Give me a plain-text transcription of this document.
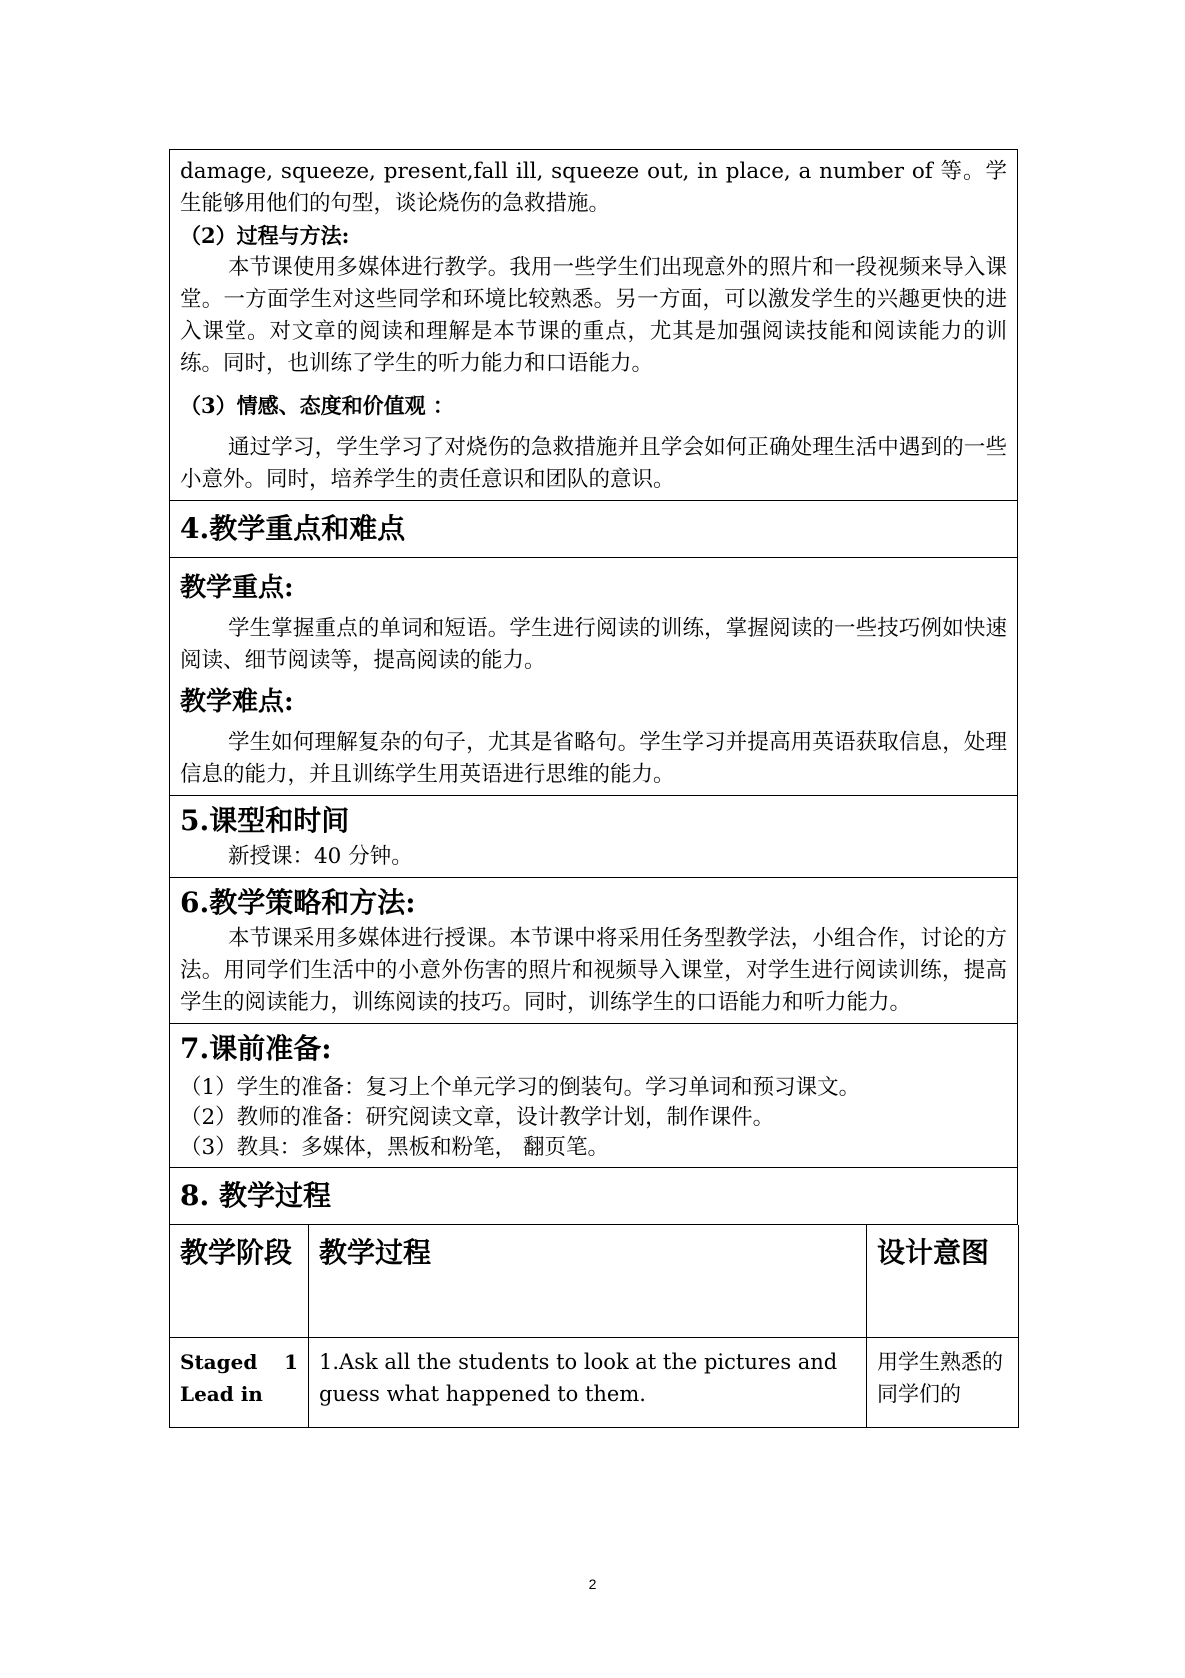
damage, squeeze, present,fall ill, squeeze out, in place, a number of 等。学生能够用他们的句型，谈论烧伤的急救措施。

（2）过程与方法:

本节课使用多媒体进行教学。我用一些学生们出现意外的照片和一段视频来导入课堂。一方面学生对这些同学和环境比较熟悉。另一方面，可以激发学生的兴趣更快的进入课堂。对文章的阅读和理解是本节课的重点，尤其是加强阅读技能和阅读能力的训练。同时，也训练了学生的听力能力和口语能力。

（3）情感、态度和价值观 ：

通过学习，学生学习了对烧伤的急救措施并且学会如何正确处理生活中遇到的一些小意外。同时，培养学生的责任意识和团队的意识。

4.教学重点和难点
教学重点:

学生掌握重点的单词和短语。学生进行阅读的训练，掌握阅读的一些技巧例如快速阅读、细节阅读等，提高阅读的能力。

教学难点:

学生如何理解复杂的句子，尤其是省略句。学生学习并提高用英语获取信息，处理信息的能力，并且训练学生用英语进行思维的能力。

5.课型和时间

新授课：40 分钟。

6.教学策略和方法:

本节课采用多媒体进行授课。本节课中将采用任务型教学法，小组合作，讨论的方法。用同学们生活中的小意外伤害的照片和视频导入课堂，对学生进行阅读训练，提高学生的阅读能力，训练阅读的技巧。同时，训练学生的口语能力和听力能力。

7.课前准备:

（1）学生的准备：复习上个单元学习的倒装句。学习单词和预习课文。

（2）教师的准备：研究阅读文章，设计教学计划，制作课件。

（3）教具：多媒体，黑板和粉笔， 翻页笔。

8. 教学过程
教学阶段	教学过程	设计意图

Staged 1
Lead in	1.Ask all the students to look at the pictures and guess what happened to them.	用学生熟悉的同学们的
2
